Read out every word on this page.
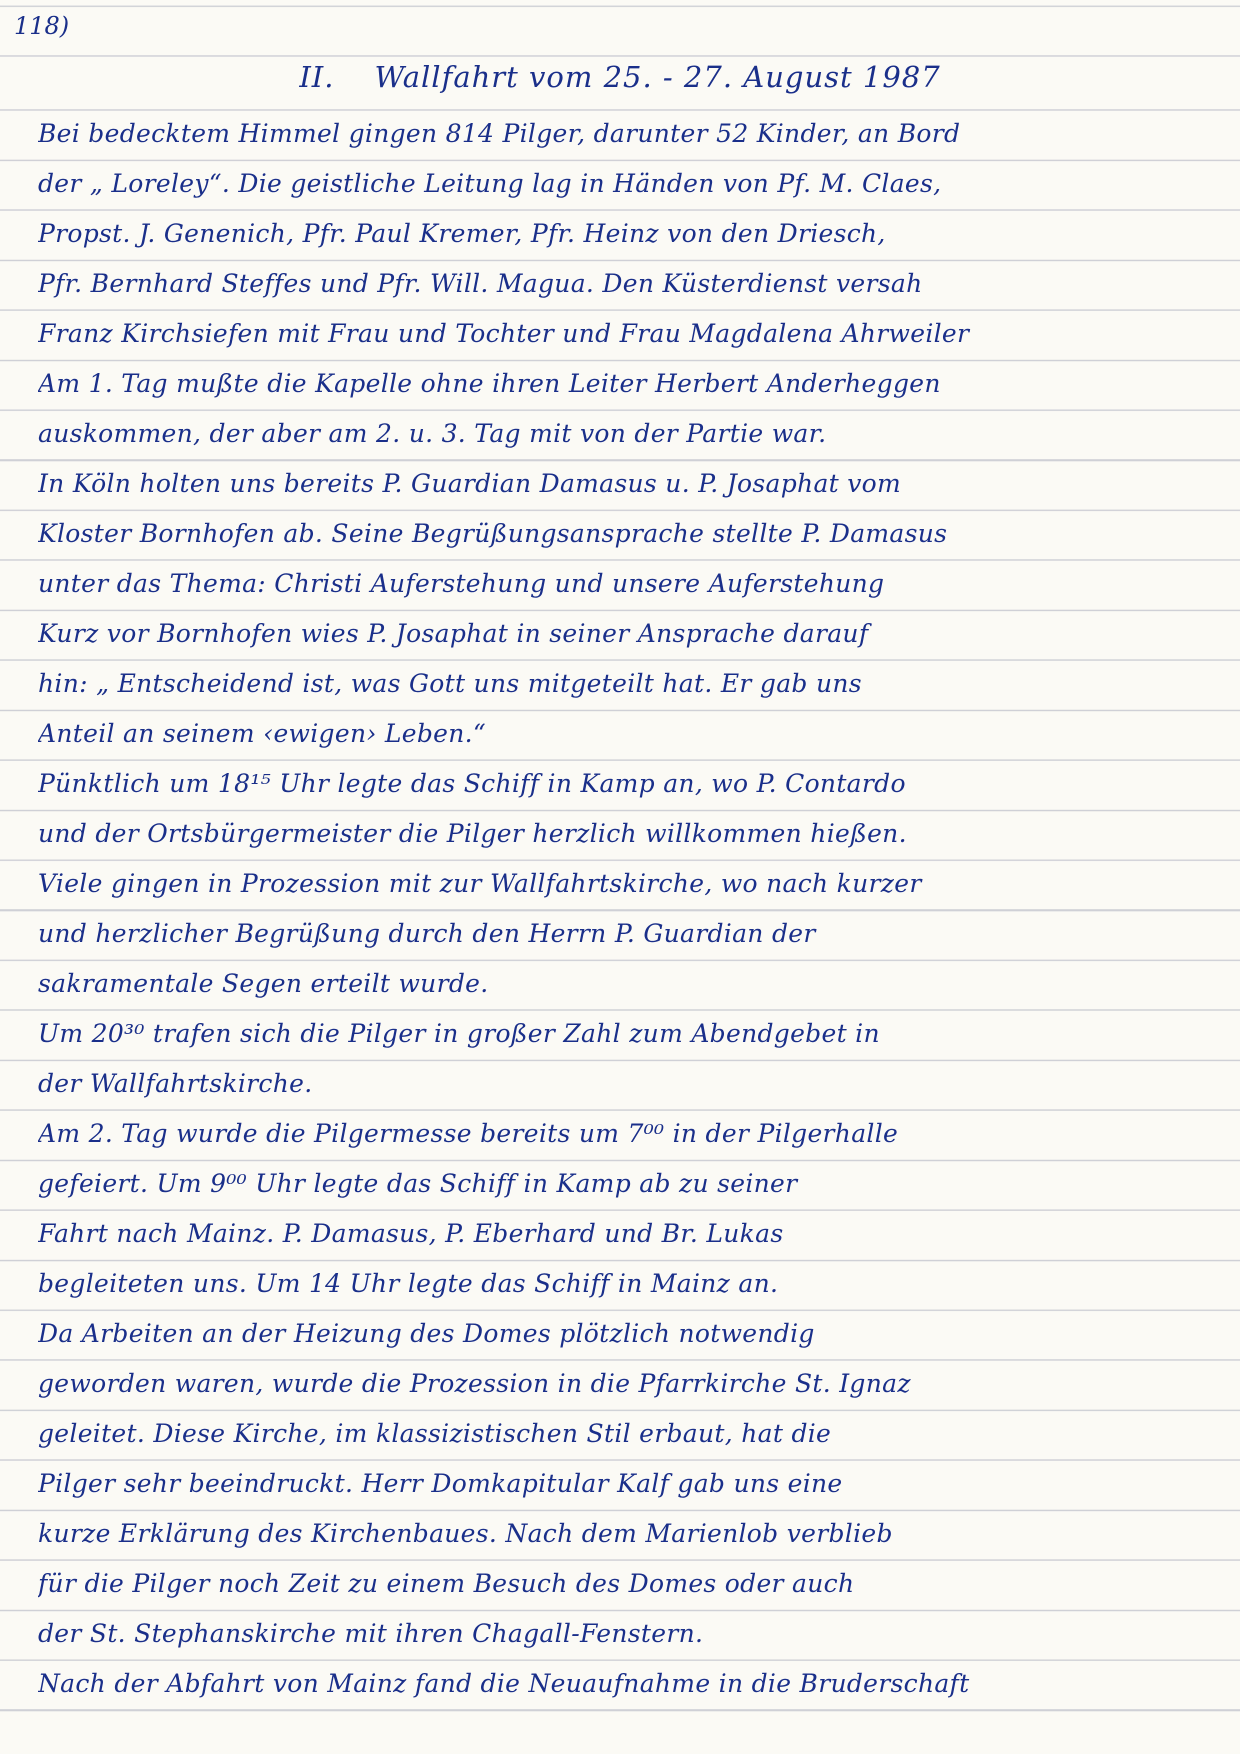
118)

II. Wallfahrt vom 25. - 27. August 1987
Bei bedecktem Himmel gingen 814 Pilger, darunter 52 Kinder, an Bord
der „ Loreley“. Die geistliche Leitung lag in Händen von Pf. M. Claes,
Propst. J. Genenich, Pfr. Paul Kremer, Pfr. Heinz von den Driesch,
Pfr. Bernhard Steffes und Pfr. Will. Magua. Den Küsterdienst versah
Franz Kirchsiefen mit Frau und Tochter und Frau Magdalena Ahrweiler
Am 1. Tag mußte die Kapelle ohne ihren Leiter Herbert Anderheggen
auskommen, der aber am 2. u. 3. Tag mit von der Partie war.
In Köln holten uns bereits P. Guardian Damasus u. P. Josaphat vom
Kloster Bornhofen ab. Seine Begrüßungsansprache stellte P. Damasus
unter das Thema: Christi Auferstehung und unsere Auferstehung
Kurz vor Bornhofen wies P. Josaphat in seiner Ansprache darauf
hin: „ Entscheidend ist, was Gott uns mitgeteilt hat. Er gab uns
Anteil an seinem ‹ewigen› Leben.“
Pünktlich um 18¹⁵ Uhr legte das Schiff in Kamp an, wo P. Contardo
und der Ortsbürgermeister die Pilger herzlich willkommen hießen.
Viele gingen in Prozession mit zur Wallfahrtskirche, wo nach kurzer
und herzlicher Begrüßung durch den Herrn P. Guardian der
sakramentale Segen erteilt wurde.
Um 20³⁰ trafen sich die Pilger in großer Zahl zum Abendgebet in
der Wallfahrtskirche.
Am 2. Tag wurde die Pilgermesse bereits um 7⁰⁰ in der Pilgerhalle
gefeiert. Um 9⁰⁰ Uhr legte das Schiff in Kamp ab zu seiner
Fahrt nach Mainz. P. Damasus, P. Eberhard und Br. Lukas
begleiteten uns. Um 14 Uhr legte das Schiff in Mainz an.
Da Arbeiten an der Heizung des Domes plötzlich notwendig
geworden waren, wurde die Prozession in die Pfarrkirche St. Ignaz
geleitet. Diese Kirche, im klassizistischen Stil erbaut, hat die
Pilger sehr beeindruckt. Herr Domkapitular Kalf gab uns eine
kurze Erklärung des Kirchenbaues. Nach dem Marienlob verblieb
für die Pilger noch Zeit zu einem Besuch des Domes oder auch
der St. Stephanskirche mit ihren Chagall-Fenstern.
Nach der Abfahrt von Mainz fand die Neuaufnahme in die Bruderschaft
